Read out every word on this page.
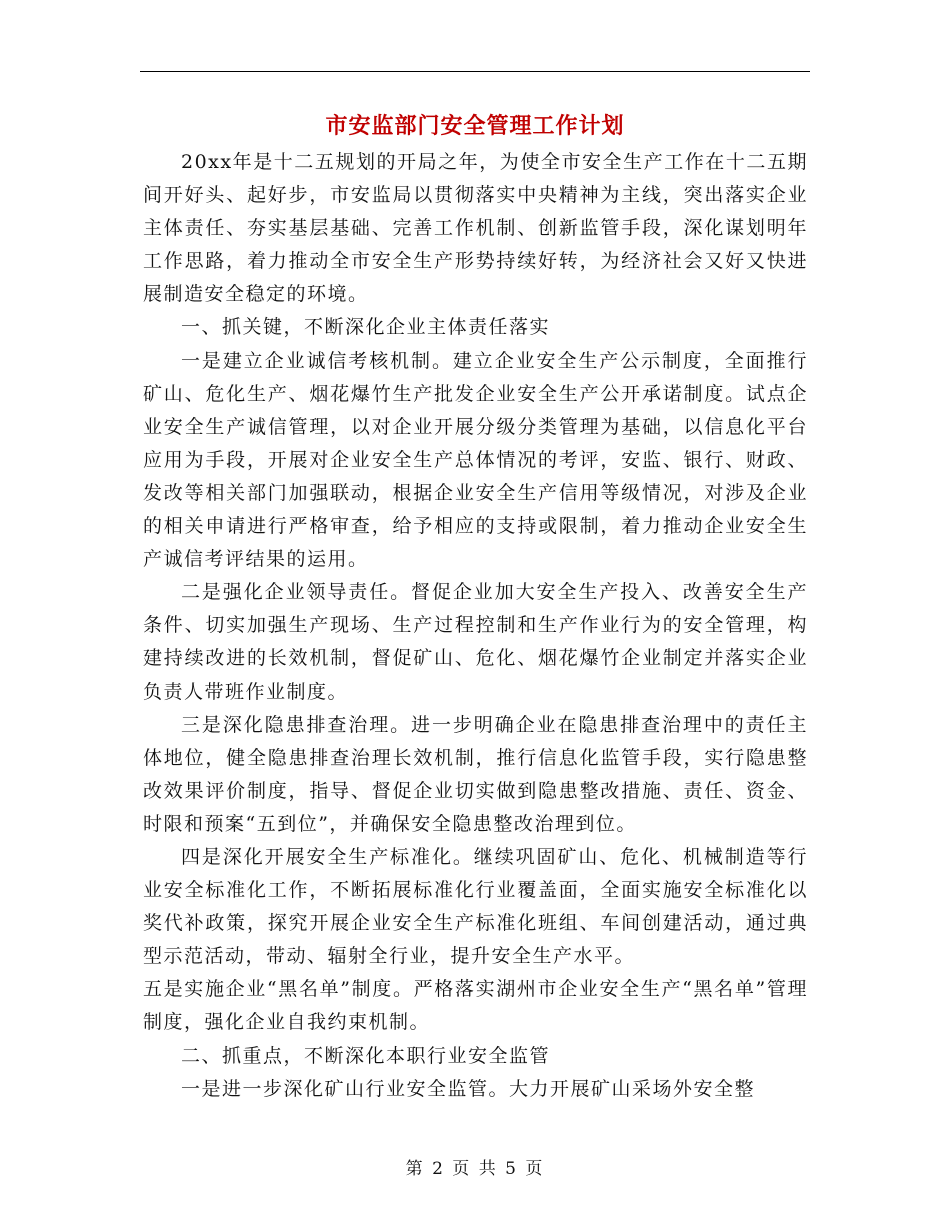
市安监部门安全管理工作计划

20xx年是十二五规划的开局之年，为使全市安全生产工作在十二五期间开好头、起好步，市安监局以贯彻落实中央精神为主线，突出落实企业主体责任、夯实基层基础、完善工作机制、创新监管手段，深化谋划明年工作思路，着力推动全市安全生产形势持续好转，为经济社会又好又快进展制造安全稳定的环境。

一、抓关键，不断深化企业主体责任落实

一是建立企业诚信考核机制。建立企业安全生产公示制度，全面推行矿山、危化生产、烟花爆竹生产批发企业安全生产公开承诺制度。试点企业安全生产诚信管理，以对企业开展分级分类管理为基础，以信息化平台应用为手段，开展对企业安全生产总体情况的考评，安监、银行、财政、发改等相关部门加强联动，根据企业安全生产信用等级情况，对涉及企业的相关申请进行严格审查，给予相应的支持或限制，着力推动企业安全生产诚信考评结果的运用。

二是强化企业领导责任。督促企业加大安全生产投入、改善安全生产条件、切实加强生产现场、生产过程控制和生产作业行为的安全管理，构建持续改进的长效机制，督促矿山、危化、烟花爆竹企业制定并落实企业负责人带班作业制度。

三是深化隐患排查治理。进一步明确企业在隐患排查治理中的责任主体地位，健全隐患排查治理长效机制，推行信息化监管手段，实行隐患整改效果评价制度，指导、督促企业切实做到隐患整改措施、责任、资金、时限和预案“五到位”，并确保安全隐患整改治理到位。

四是深化开展安全生产标准化。继续巩固矿山、危化、机械制造等行业安全标准化工作，不断拓展标准化行业覆盖面，全面实施安全标准化以奖代补政策，探究开展企业安全生产标准化班组、车间创建活动，通过典型示范活动，带动、辐射全行业，提升安全生产水平。

五是实施企业“黑名单”制度。严格落实湖州市企业安全生产“黑名单”管理制度，强化企业自我约束机制。

二、抓重点，不断深化本职行业安全监管

一是进一步深化矿山行业安全监管。大力开展矿山采场外安全整

第 2 页 共 5 页
